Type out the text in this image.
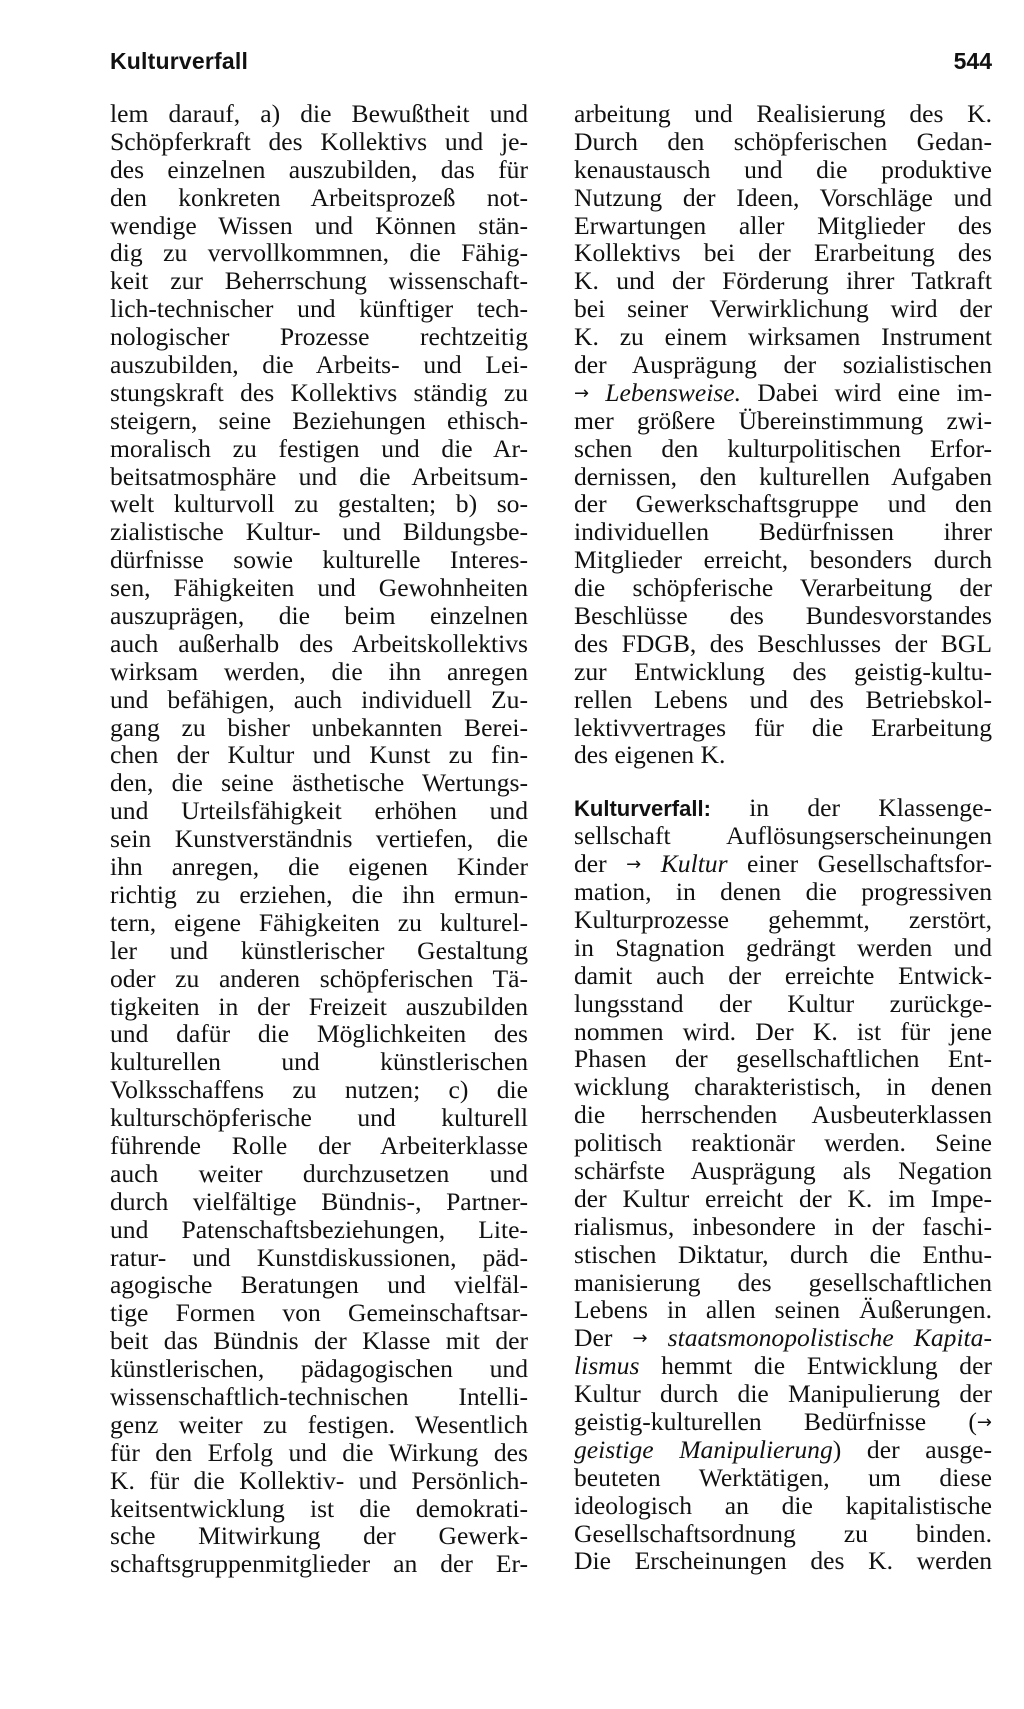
Kulturverfall	544
lem darauf, a) die Bewußtheit und
Schöpferkraft des Kollektivs und je-
des einzelnen auszubilden, das für
den konkreten Arbeitsprozeß not-
wendige Wissen und Können stän-
dig zu vervollkommnen, die Fähig-
keit zur Beherrschung wissenschaft-
lich-technischer und künftiger tech-
nologischer Prozesse rechtzeitig
auszubilden, die Arbeits- und Lei-
stungskraft des Kollektivs ständig zu
steigern, seine Beziehungen ethisch-
moralisch zu festigen und die Ar-
beitsatmosphäre und die Arbeitsum-
welt kulturvoll zu gestalten; b) so-
zialistische Kultur- und Bildungsbe-
dürfnisse sowie kulturelle Interes-
sen, Fähigkeiten und Gewohnheiten
auszuprägen, die beim einzelnen
auch außerhalb des Arbeitskollektivs
wirksam werden, die ihn anregen
und befähigen, auch individuell Zu-
gang zu bisher unbekannten Berei-
chen der Kultur und Kunst zu fin-
den, die seine ästhetische Wertungs-
und Urteilsfähigkeit erhöhen und
sein Kunstverständnis vertiefen, die
ihn anregen, die eigenen Kinder
richtig zu erziehen, die ihn ermun-
tern, eigene Fähigkeiten zu kulturel-
ler und künstlerischer Gestaltung
oder zu anderen schöpferischen Tä-
tigkeiten in der Freizeit auszubilden
und dafür die Möglichkeiten des
kulturellen und künstlerischen
Volksschaffens zu nutzen; c) die
kulturschöpferische und kulturell
führende Rolle der Arbeiterklasse
auch weiter durchzusetzen und
durch vielfältige Bündnis-, Partner-
und Patenschaftsbeziehungen, Lite-
ratur- und Kunstdiskussionen, päd-
agogische Beratungen und vielfäl-
tige Formen von Gemeinschaftsar-
beit das Bündnis der Klasse mit der
künstlerischen, pädagogischen und
wissenschaftlich-technischen Intelli-
genz weiter zu festigen. Wesentlich
für den Erfolg und die Wirkung des
K. für die Kollektiv- und Persönlich-
keitsentwicklung ist die demokrati-
sche Mitwirkung der Gewerk-
schaftsgruppenmitglieder an der Er-
arbeitung und Realisierung des K.
Durch den schöpferischen Gedan-
kenaustausch und die produktive
Nutzung der Ideen, Vorschläge und
Erwartungen aller Mitglieder des
Kollektivs bei der Erarbeitung des
K. und der Förderung ihrer Tatkraft
bei seiner Verwirklichung wird der
K. zu einem wirksamen Instrument
der Ausprägung der sozialistischen
→ Lebensweise. Dabei wird eine im-
mer größere Übereinstimmung zwi-
schen den kulturpolitischen Erfor-
dernissen, den kulturellen Aufgaben
der Gewerkschaftsgruppe und den
individuellen Bedürfnissen ihrer
Mitglieder erreicht, besonders durch
die schöpferische Verarbeitung der
Beschlüsse des Bundesvorstandes
des FDGB, des Beschlusses der BGL
zur Entwicklung des geistig-kultu-
rellen Lebens und des Betriebskol-
lektivvertrages für die Erarbeitung
des eigenen K.
Kulturverfall: in der Klassenge-
sellschaft Auflösungserscheinungen
der → Kultur einer Gesellschaftsfor-
mation, in denen die progressiven
Kulturprozesse gehemmt, zerstört,
in Stagnation gedrängt werden und
damit auch der erreichte Entwick-
lungsstand der Kultur zurückge-
nommen wird. Der K. ist für jene
Phasen der gesellschaftlichen Ent-
wicklung charakteristisch, in denen
die herrschenden Ausbeuterklassen
politisch reaktionär werden. Seine
schärfste Ausprägung als Negation
der Kultur erreicht der K. im Impe-
rialismus, inbesondere in der faschi-
stischen Diktatur, durch die Enthu-
manisierung des gesellschaftlichen
Lebens in allen seinen Äußerungen.
Der → staatsmonopolistische Kapita-
lismus hemmt die Entwicklung der
Kultur durch die Manipulierung der
geistig-kulturellen Bedürfnisse (→
geistige Manipulierung) der ausge-
beuteten Werktätigen, um diese
ideologisch an die kapitalistische
Gesellschaftsordnung zu binden.
Die Erscheinungen des K. werden
